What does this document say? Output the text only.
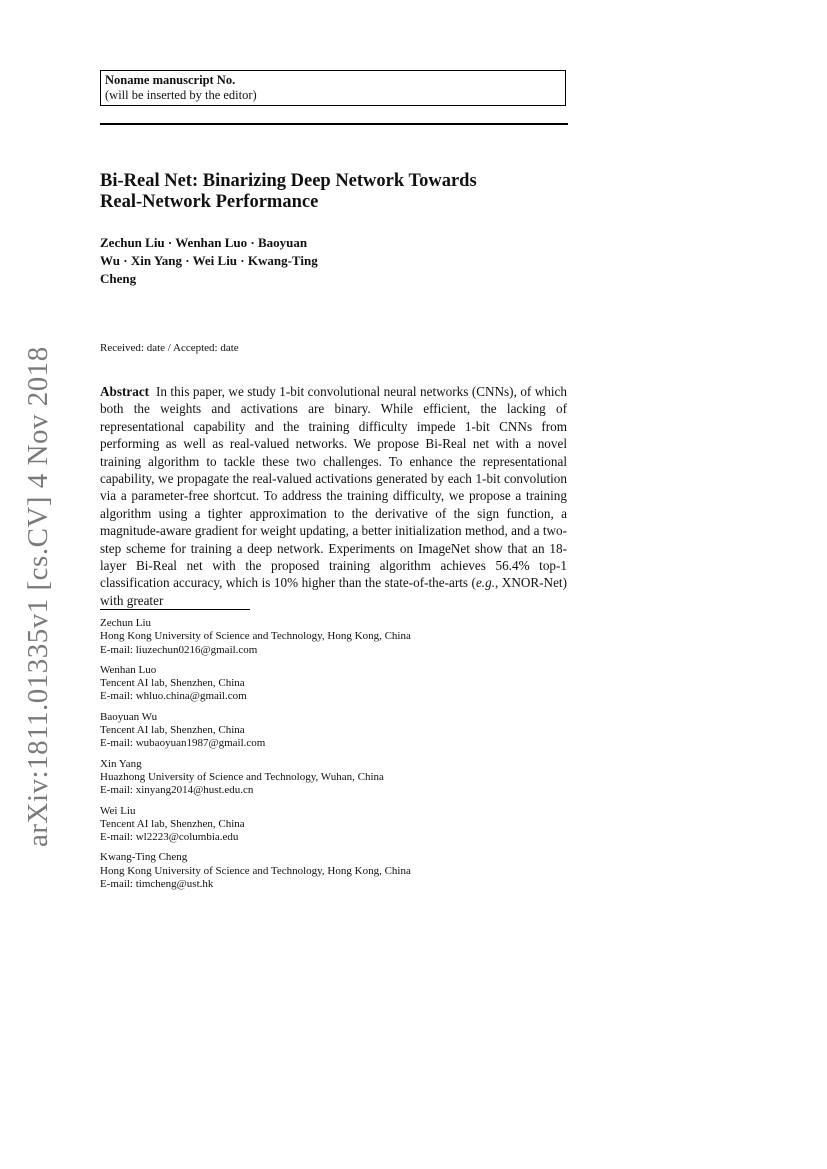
Noname manuscript No.
(will be inserted by the editor)
Bi-Real Net: Binarizing Deep Network Towards
Real-Network Performance
Zechun Liu · Wenhan Luo · Baoyuan
Wu · Xin Yang · Wei Liu · Kwang-Ting
Cheng
Received: date / Accepted: date
Abstract In this paper, we study 1-bit convolutional neural networks (CNNs), of which both the weights and activations are binary. While efficient, the lacking of representational capability and the training difficulty impede 1-bit CNNs from performing as well as real-valued networks. We propose Bi-Real net with a novel training algorithm to tackle these two challenges. To enhance the representational capability, we propagate the real-valued activations generated by each 1-bit convolution via a parameter-free shortcut. To address the training difficulty, we propose a training algorithm using a tighter approximation to the derivative of the sign function, a magnitude-aware gradient for weight updating, a better initialization method, and a two-step scheme for training a deep network. Experiments on ImageNet show that an 18-layer Bi-Real net with the proposed training algorithm achieves 56.4% top-1 classification accuracy, which is 10% higher than the state-of-the-arts (e.g., XNOR-Net) with greater
Zechun Liu
Hong Kong University of Science and Technology, Hong Kong, China
E-mail: liuzechun0216@gmail.com
Wenhan Luo
Tencent AI lab, Shenzhen, China
E-mail: whluo.china@gmail.com
Baoyuan Wu
Tencent AI lab, Shenzhen, China
E-mail: wubaoyuan1987@gmail.com
Xin Yang
Huazhong University of Science and Technology, Wuhan, China
E-mail: xinyang2014@hust.edu.cn
Wei Liu
Tencent AI lab, Shenzhen, China
E-mail: wl2223@columbia.edu
Kwang-Ting Cheng
Hong Kong University of Science and Technology, Hong Kong, China
E-mail: timcheng@ust.hk
arXiv:1811.01335v1 [cs.CV] 4 Nov 2018
